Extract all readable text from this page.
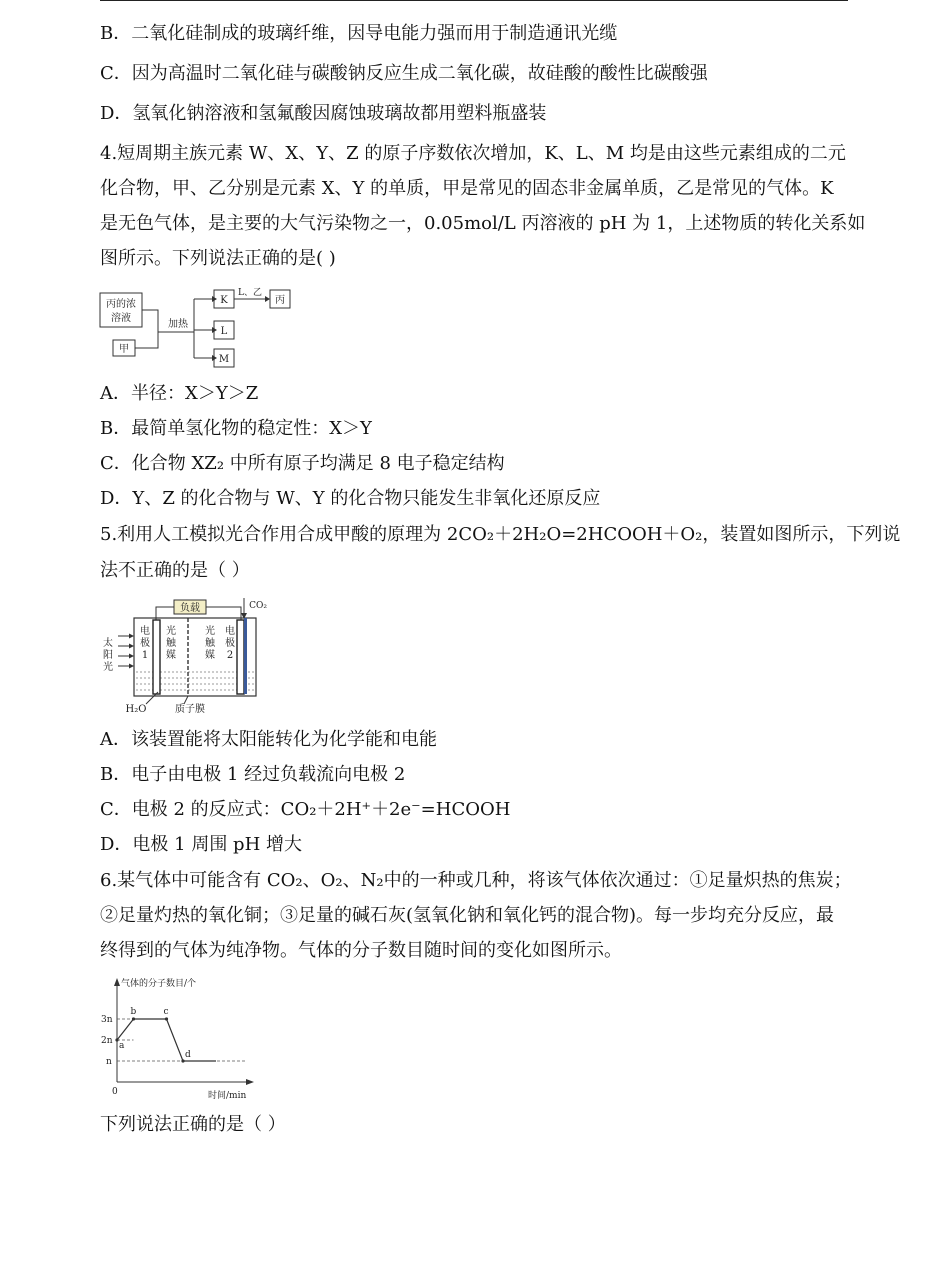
B．二氧化硅制成的玻璃纤维，因导电能力强而用于制造通讯光缆
C．因为高温时二氧化硅与碳酸钠反应生成二氧化碳，故硅酸的酸性比碳酸强
D．氢氧化钠溶液和氢氟酸因腐蚀玻璃故都用塑料瓶盛装
4.短周期主族元素 W、X、Y、Z 的原子序数依次增加，K、L、M 均是由这些元素组成的二元
化合物，甲、乙分别是元素 X、Y 的单质，甲是常见的固态非金属单质，乙是常见的气体。K
是无色气体，是主要的大气污染物之一，0.05mol/L 丙溶液的 pH 为 1，上述物质的转化关系如
图所示。下列说法正确的是( )
丙的浓
溶液
甲
加热
K
L
M
L、乙
丙
A．半径：X＞Y＞Z
B．最简单氢化物的稳定性：X＞Y
C．化合物 XZ₂ 中所有原子均满足 8 电子稳定结构
D．Y、Z 的化合物与 W、Y 的化合物只能发生非氧化还原反应
5.利用人工模拟光合作用合成甲酸的原理为 2CO₂＋2H₂O=2HCOOH＋O₂，装置如图所示，下列说
法不正确的是（ ）
负载	CO₂
电
极
1
光
触
媒
光
触
媒
电
极
2
太
阳
光
H₂O	质子膜
A．该装置能将太阳能转化为化学能和电能
B．电子由电极 1 经过负载流向电极 2
C．电极 2 的反应式：CO₂＋2H⁺＋2e⁻=HCOOH
D．电极 1 周围 pH 增大
6.某气体中可能含有 CO₂、O₂、N₂中的一种或几种，将该气体依次通过：①足量炽热的焦炭；
②足量灼热的氧化铜；③足量的碱石灰(氢氧化钠和氧化钙的混合物)。每一步均充分反应，最
终得到的气体为纯净物。气体的分子数目随时间的变化如图所示。
a
b	c
d
气体的分子数目/个
时间/min
0
3n
2n
n
下列说法正确的是（ ）
